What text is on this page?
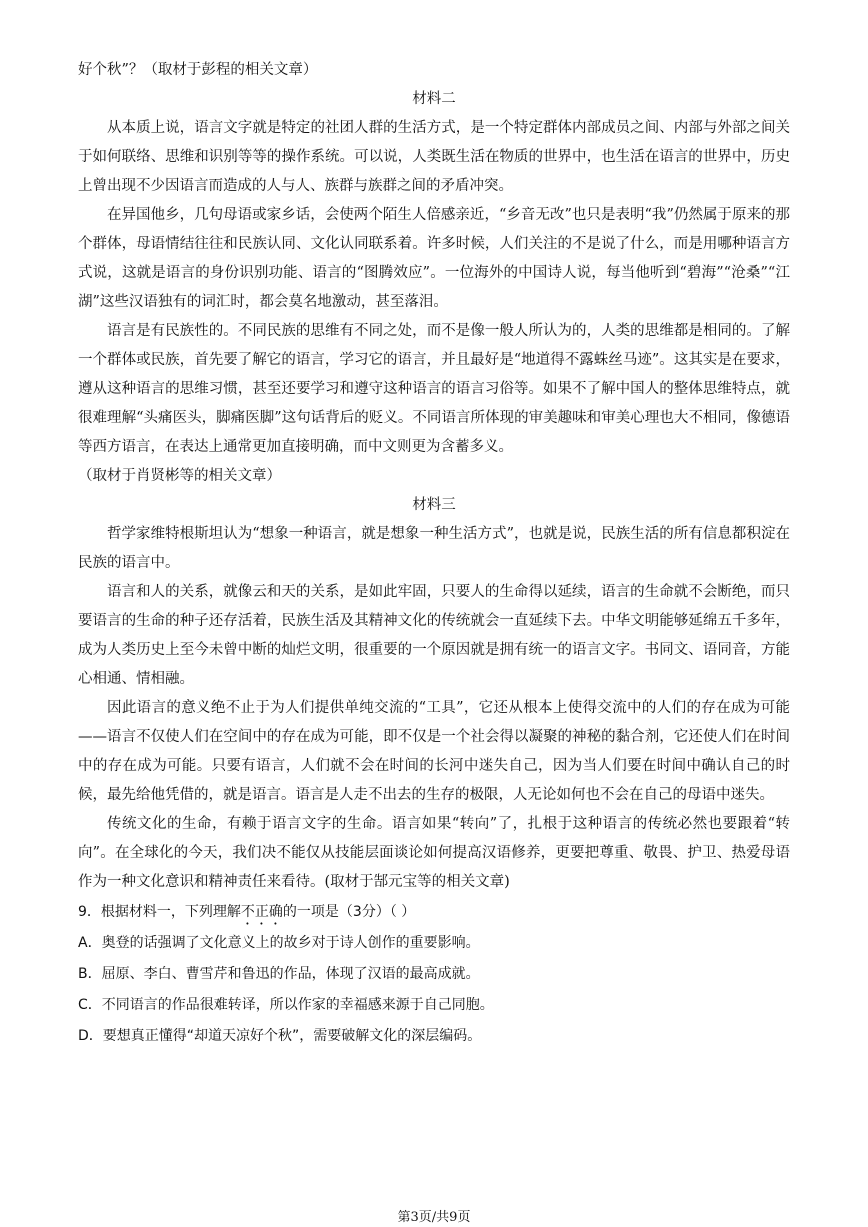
好个秋”？（取材于彭程的相关文章）

材料二

从本质上说，语言文字就是特定的社团人群的生活方式，是一个特定群体内部成员之间、内部与外部之间关于如何联络、思维和识别等等的操作系统。可以说，人类既生活在物质的世界中，也生活在语言的世界中，历史上曾出现不少因语言而造成的人与人、族群与族群之间的矛盾冲突。

在异国他乡，几句母语或家乡话，会使两个陌生人倍感亲近，“乡音无改”也只是表明“我”仍然属于原来的那个群体，母语情结往往和民族认同、文化认同联系着。许多时候，人们关注的不是说了什么，而是用哪种语言方式说，这就是语言的身份识别功能、语言的“图腾效应”。一位海外的中国诗人说，每当他听到“碧海”“沧桑”“江湖”这些汉语独有的词汇时，都会莫名地激动，甚至落泪。

语言是有民族性的。不同民族的思维有不同之处，而不是像一般人所认为的，人类的思维都是相同的。了解一个群体或民族，首先要了解它的语言，学习它的语言，并且最好是“地道得不露蛛丝马迹”。这其实是在要求，遵从这种语言的思维习惯，甚至还要学习和遵守这种语言的语言习俗等。如果不了解中国人的整体思维特点，就很难理解“头痛医头，脚痛医脚”这句话背后的贬义。不同语言所体现的审美趣味和审美心理也大不相同，像德语等西方语言，在表达上通常更加直接明确，而中文则更为含蓄多义。

（取材于肖贤彬等的相关文章）

材料三

哲学家维特根斯坦认为“想象一种语言，就是想象一种生活方式”，也就是说，民族生活的所有信息都积淀在民族的语言中。

语言和人的关系，就像云和天的关系，是如此牢固，只要人的生命得以延续，语言的生命就不会断绝，而只要语言的生命的种子还存活着，民族生活及其精神文化的传统就会一直延续下去。中华文明能够延绵五千多年，成为人类历史上至今未曾中断的灿烂文明，很重要的一个原因就是拥有统一的语言文字。书同文、语同音，方能心相通、情相融。

因此语言的意义绝不止于为人们提供单纯交流的“工具”，它还从根本上使得交流中的人们的存在成为可能——语言不仅使人们在空间中的存在成为可能，即不仅是一个社会得以凝聚的神秘的黏合剂，它还使人们在时间中的存在成为可能。只要有语言，人们就不会在时间的长河中迷失自己，因为当人们要在时间中确认自己的时候，最先给他凭借的，就是语言。语言是人走不出去的生存的极限，人无论如何也不会在自己的母语中迷失。

传统文化的生命，有赖于语言文字的生命。语言如果“转向”了，扎根于这种语言的传统必然也要跟着“转向”。在全球化的今天，我们决不能仅从技能层面谈论如何提高汉语修养，更要把尊重、敬畏、护卫、热爱母语作为一种文化意识和精神责任来看待。(取材于郜元宝等的相关文章)

9．根据材料一，下列理解不正确的一项是（3分）（ ）

A．奥登的话强调了文化意义上的故乡对于诗人创作的重要影响。

B．屈原、李白、曹雪芹和鲁迅的作品，体现了汉语的最高成就。

C．不同语言的作品很难转译，所以作家的幸福感来源于自己同胞。

D．要想真正懂得“却道天凉好个秋”，需要破解文化的深层编码。

第3页/共9页
